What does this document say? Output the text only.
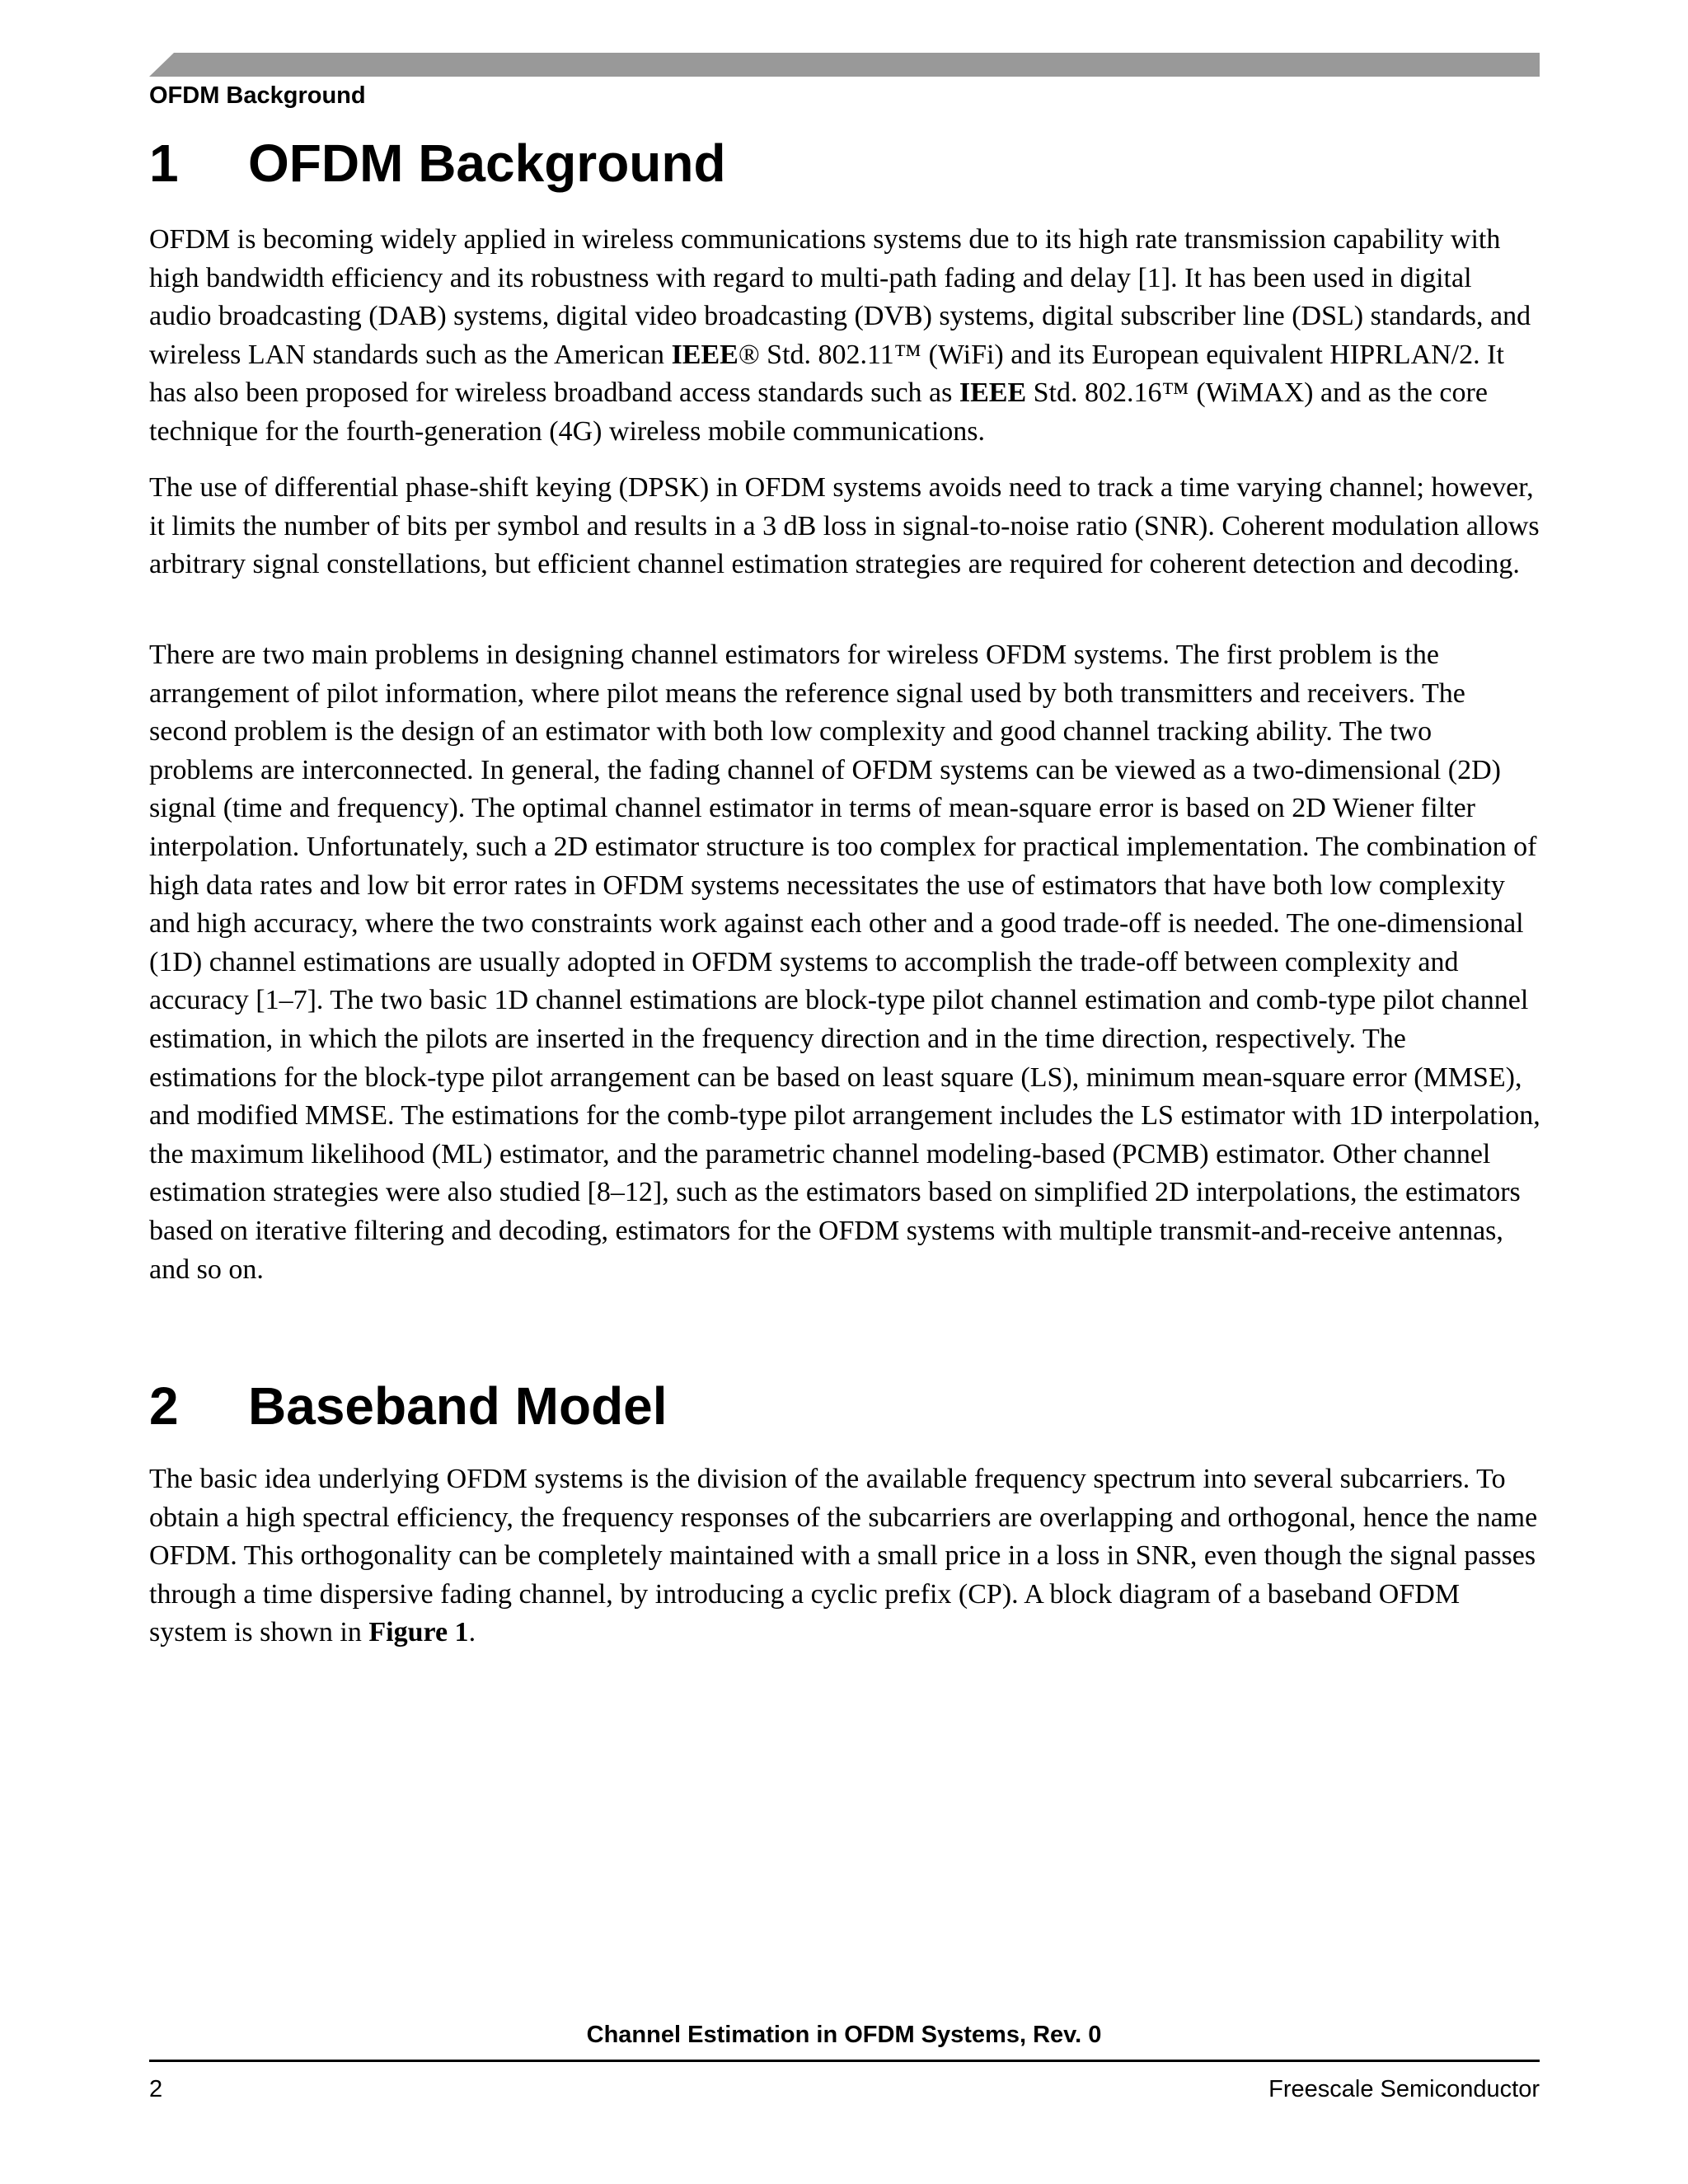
OFDM Background

1 OFDM Background

OFDM is becoming widely applied in wireless communications systems due to its high rate transmission capability with high bandwidth efficiency and its robustness with regard to multi-path fading and delay [1]. It has been used in digital audio broadcasting (DAB) systems, digital video broadcasting (DVB) systems, digital subscriber line (DSL) standards, and wireless LAN standards such as the American IEEE® Std. 802.11™ (WiFi) and its European equivalent HIPRLAN/2. It has also been proposed for wireless broadband access standards such as IEEE Std. 802.16™ (WiMAX) and as the core technique for the fourth-generation (4G) wireless mobile communications.

The use of differential phase-shift keying (DPSK) in OFDM systems avoids need to track a time varying channel; however, it limits the number of bits per symbol and results in a 3 dB loss in signal-to-noise ratio (SNR). Coherent modulation allows arbitrary signal constellations, but efficient channel estimation strategies are required for coherent detection and decoding.

There are two main problems in designing channel estimators for wireless OFDM systems. The first problem is the arrangement of pilot information, where pilot means the reference signal used by both transmitters and receivers. The second problem is the design of an estimator with both low complexity and good channel tracking ability. The two problems are interconnected. In general, the fading channel of OFDM systems can be viewed as a two-dimensional (2D) signal (time and frequency). The optimal channel estimator in terms of mean-square error is based on 2D Wiener filter interpolation. Unfortunately, such a 2D estimator structure is too complex for practical implementation. The combination of high data rates and low bit error rates in OFDM systems necessitates the use of estimators that have both low complexity and high accuracy, where the two constraints work against each other and a good trade-off is needed. The one-dimensional (1D) channel estimations are usually adopted in OFDM systems to accomplish the trade-off between complexity and accuracy [1–7]. The two basic 1D channel estimations are block-type pilot channel estimation and comb-type pilot channel estimation, in which the pilots are inserted in the frequency direction and in the time direction, respectively. The estimations for the block-type pilot arrangement can be based on least square (LS), minimum mean-square error (MMSE), and modified MMSE. The estimations for the comb-type pilot arrangement includes the LS estimator with 1D interpolation, the maximum likelihood (ML) estimator, and the parametric channel modeling-based (PCMB) estimator. Other channel estimation strategies were also studied [8–12], such as the estimators based on simplified 2D interpolations, the estimators based on iterative filtering and decoding, estimators for the OFDM systems with multiple transmit-and-receive antennas, and so on.

2 Baseband Model

The basic idea underlying OFDM systems is the division of the available frequency spectrum into several subcarriers. To obtain a high spectral efficiency, the frequency responses of the subcarriers are overlapping and orthogonal, hence the name OFDM. This orthogonality can be completely maintained with a small price in a loss in SNR, even though the signal passes through a time dispersive fading channel, by introducing a cyclic prefix (CP). A block diagram of a baseband OFDM system is shown in Figure 1.

Channel Estimation in OFDM Systems, Rev. 0

2	Freescale Semiconductor
